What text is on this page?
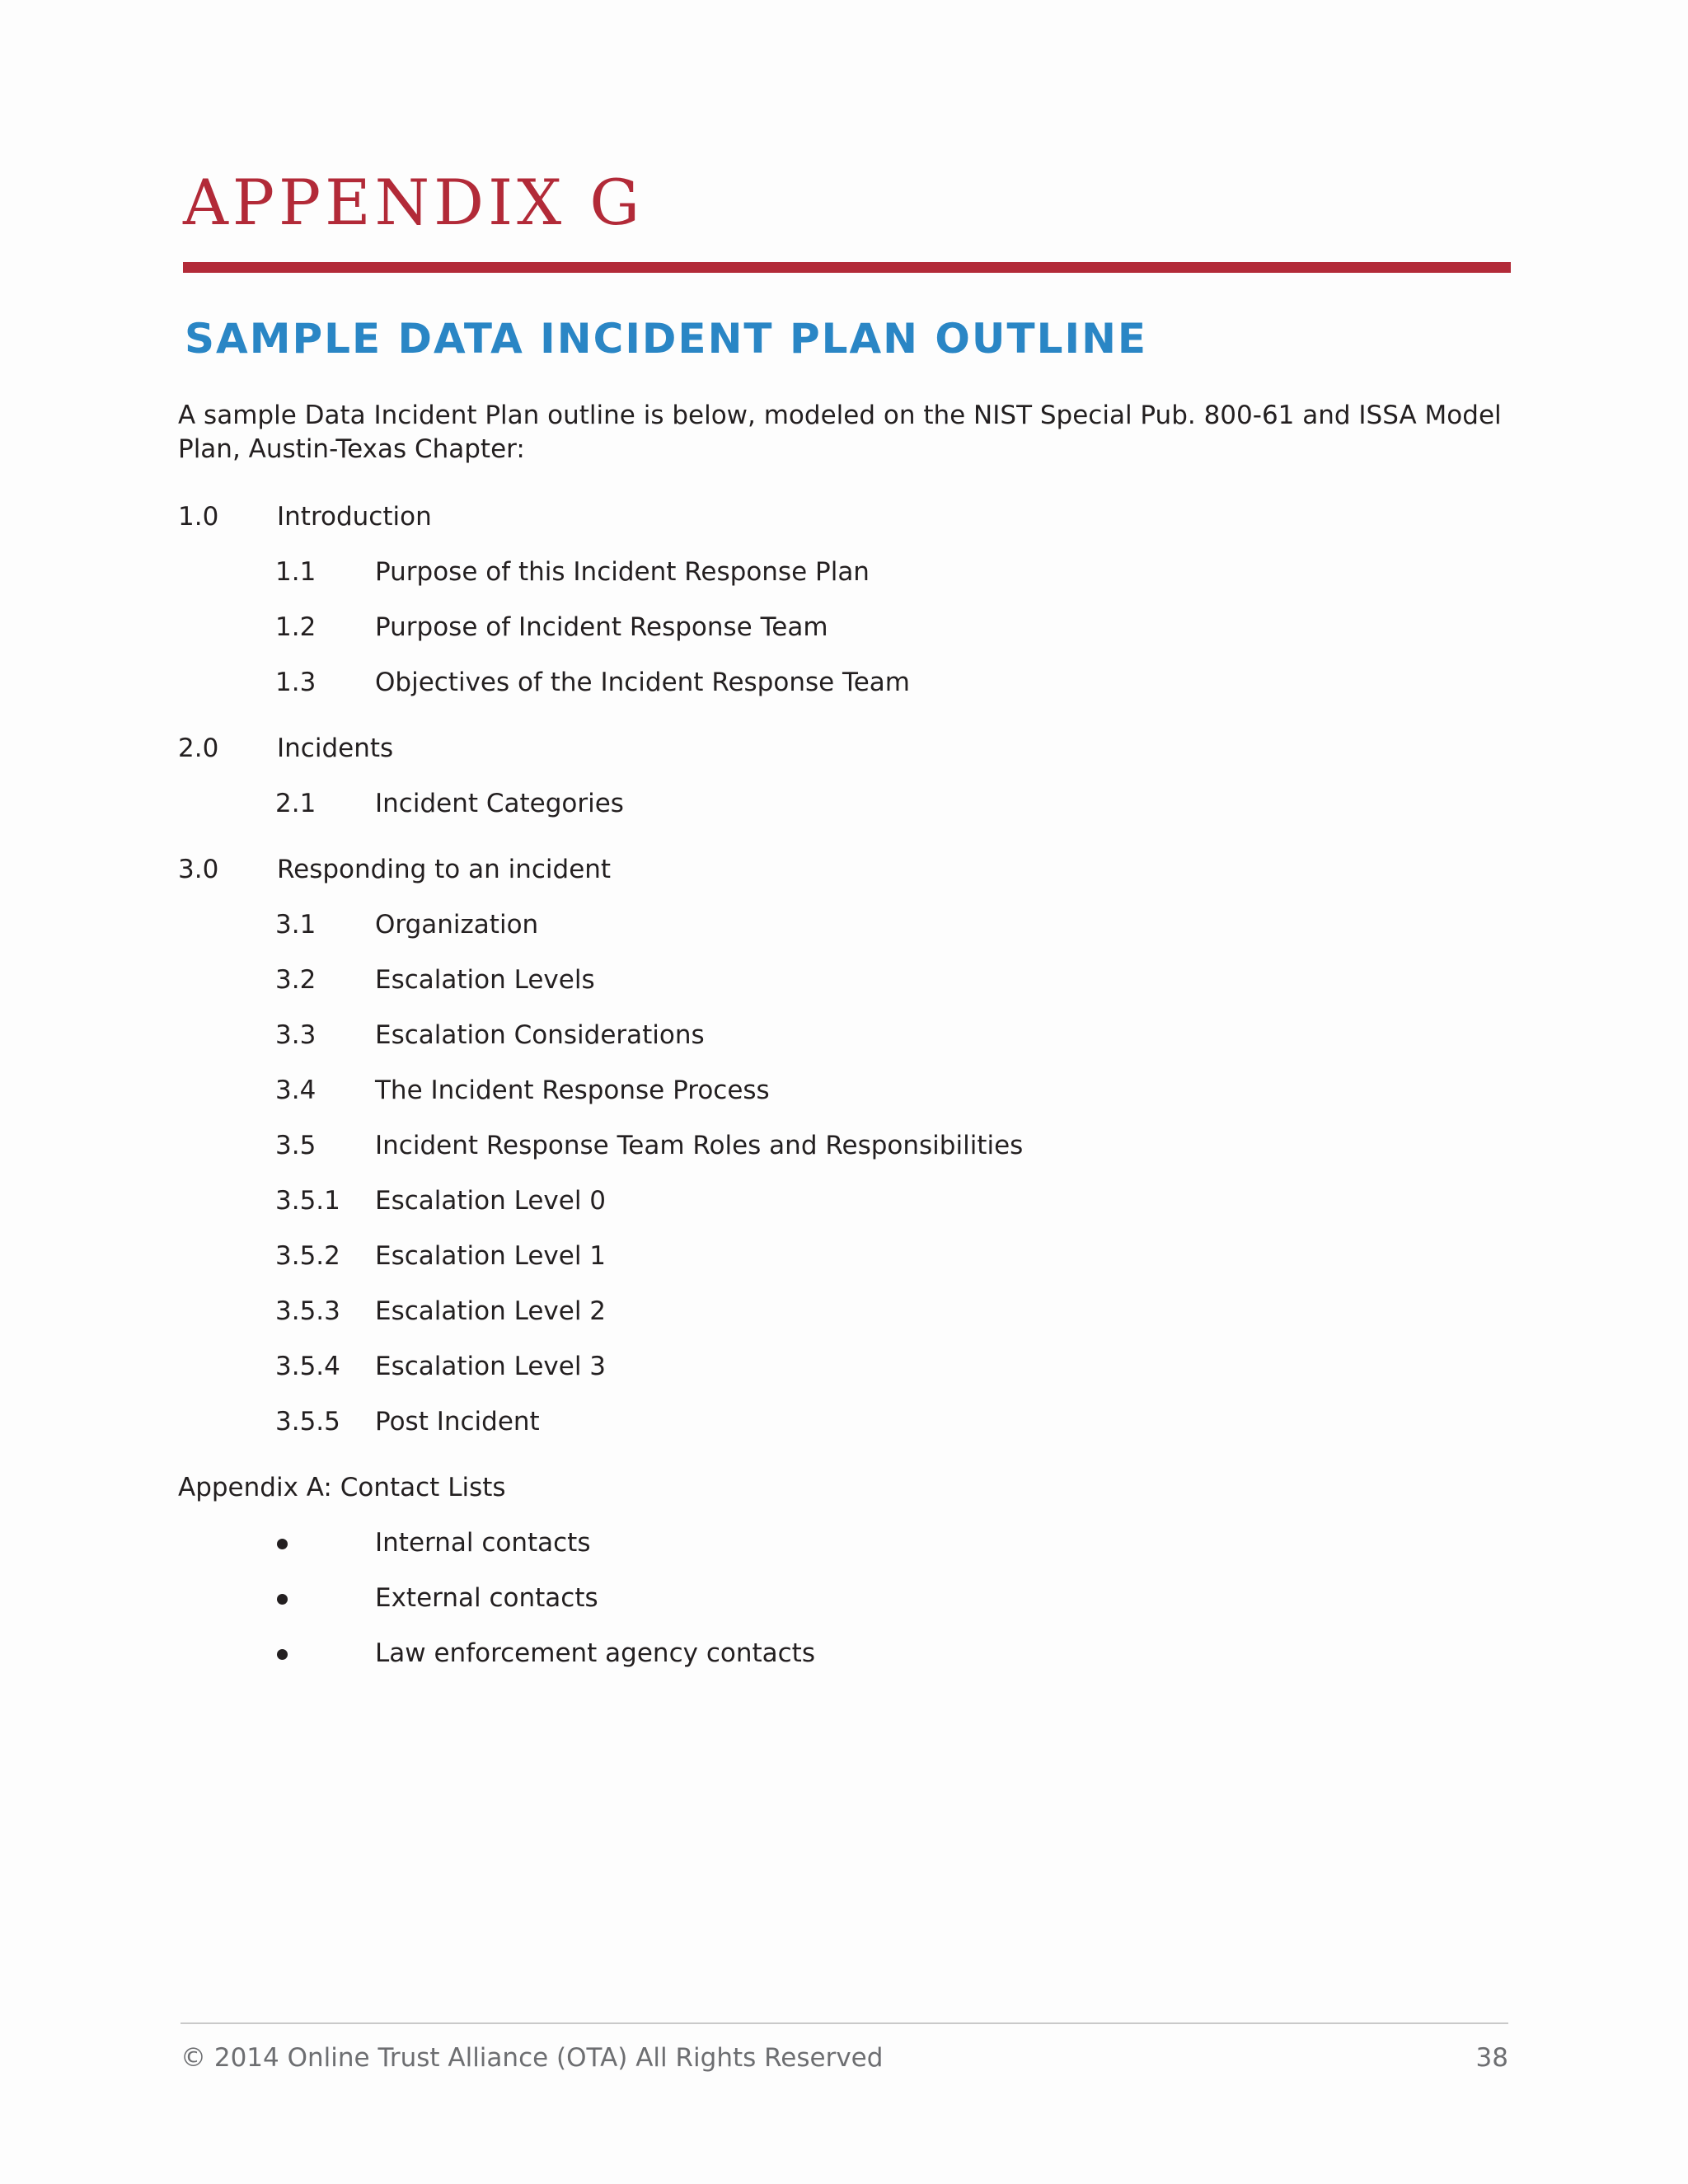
APPENDIX G
SAMPLE DATA INCIDENT PLAN OUTLINE
A sample Data Incident Plan outline is below, modeled on the NIST Special Pub. 800-61 and ISSA Model Plan, Austin-Texas Chapter:
1.0 Introduction
1.1 Purpose of this Incident Response Plan
1.2 Purpose of Incident Response Team
1.3 Objectives of the Incident Response Team
2.0 Incidents
2.1 Incident Categories
3.0 Responding to an incident
3.1 Organization
3.2 Escalation Levels
3.3 Escalation Considerations
3.4 The Incident Response Process
3.5 Incident Response Team Roles and Responsibilities
3.5.1 Escalation Level 0
3.5.2 Escalation Level 1
3.5.3 Escalation Level 2
3.5.4 Escalation Level 3
3.5.5 Post Incident
Appendix A: Contact Lists
Internal contacts
External contacts
Law enforcement agency contacts
© 2014 Online Trust Alliance (OTA) All Rights Reserved	38
